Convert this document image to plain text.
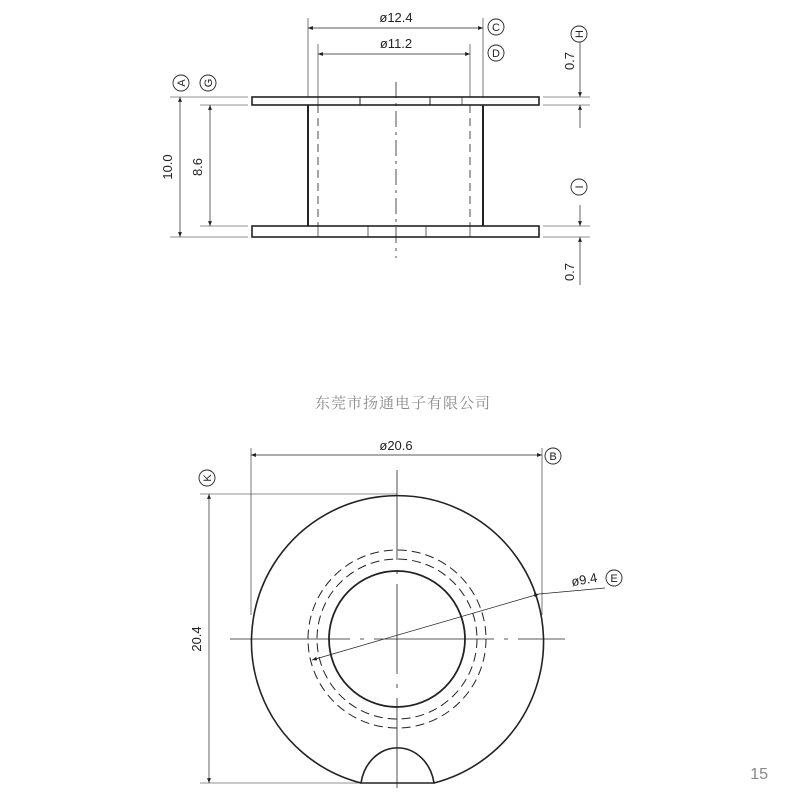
ø12.4
ø11.2
10.0 8.6
0.7
0.7
A G
C
D
H
I
东莞市扬通电子有限公司
ø20.6
20.4
ø9.4
B
E
K
15
